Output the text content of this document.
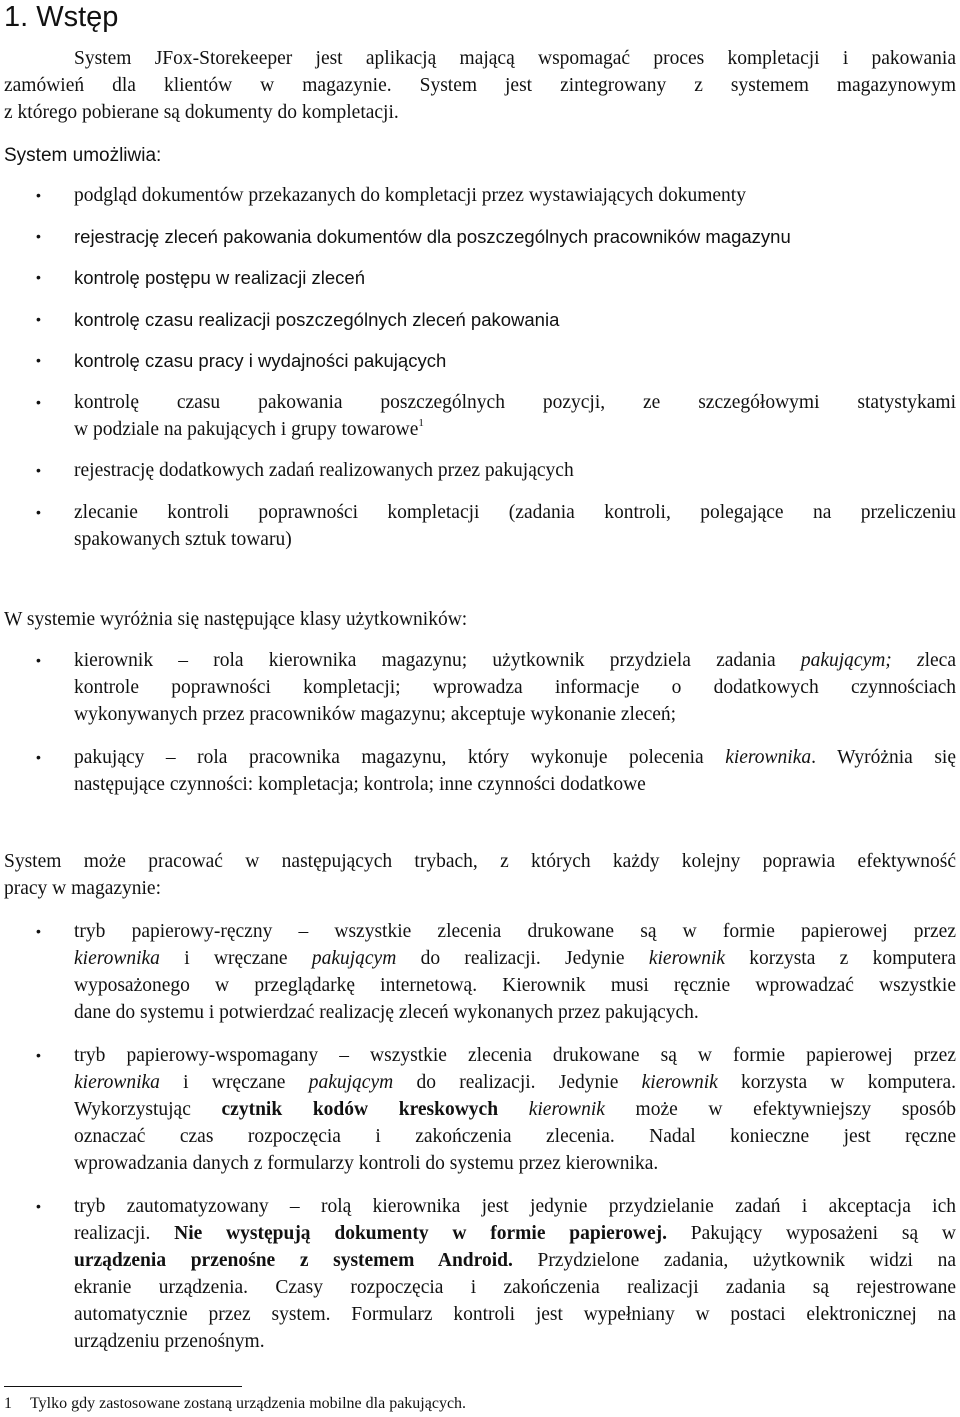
1. Wstęp
System JFox-Storekeeper jest aplikacją mającą wspomagać proces kompletacji i pakowania
zamówień dla klientów w magazynie. System jest zintegrowany z systemem magazynowym
z którego pobierane są dokumenty do kompletacji.
System umożliwia:
• podgląd dokumentów przekazanych do kompletacji przez wystawiających dokumenty
• rejestrację zleceń pakowania dokumentów dla poszczególnych pracowników magazynu
• kontrolę postępu w realizacji zleceń
• kontrolę czasu realizacji poszczególnych zleceń pakowania
• kontrolę czasu pracy i wydajności pakujących
• kontrolę czasu pakowania poszczególnych pozycji, ze szczegółowymi statystykami
w podziale na pakujących i grupy towarowe$^1$
• rejestrację dodatkowych zadań realizowanych przez pakujących
• zlecanie kontroli poprawności kompletacji (zadania kontroli, polegające na przeliczeniu
spakowanych sztuk towaru)
W systemie wyróżnia się następujące klasy użytkowników:
• kierownik – rola kierownika magazynu; użytkownik przydziela zadania pakującym; zleca
kontrole poprawności kompletacji; wprowadza informacje o dodatkowych czynnościach
wykonywanych przez pracowników magazynu; akceptuje wykonanie zleceń;
• pakujący – rola pracownika magazynu, który wykonuje polecenia kierownika. Wyróżnia się
następujące czynności: kompletacja; kontrola; inne czynności dodatkowe
System może pracować w następujących trybach, z których każdy kolejny poprawia efektywność
pracy w magazynie:
• tryb papierowy-ręczny – wszystkie zlecenia drukowane są w formie papierowej przez
kierownika i wręczane pakującym do realizacji. Jedynie kierownik korzysta z komputera
wyposażonego w przeglądarkę internetową. Kierownik musi ręcznie wprowadzać wszystkie
dane do systemu i potwierdzać realizację zleceń wykonanych przez pakujących.
• tryb papierowy-wspomagany – wszystkie zlecenia drukowane są w formie papierowej przez
kierownika i wręczane pakującym do realizacji. Jedynie kierownik korzysta w komputera.
Wykorzystując czytnik kodów kreskowych kierownik może w efektywniejszy sposób
oznaczać czas rozpoczęcia i zakończenia zlecenia. Nadal konieczne jest ręczne
wprowadzania danych z formularzy kontroli do systemu przez kierownika.
• tryb zautomatyzowany – rolą kierownika jest jedynie przydzielanie zadań i akceptacja ich
realizacji. Nie występują dokumenty w formie papierowej. Pakujący wyposażeni są w
urządzenia przenośne z systemem Android. Przydzielone zadania, użytkownik widzi na
ekranie urządzenia. Czasy rozpoczęcia i zakończenia realizacji zadania są rejestrowane
automatycznie przez system. Formularz kontroli jest wypełniany w postaci elektronicznej na
urządzeniu przenośnym.
1 Tylko gdy zastosowane zostaną urządzenia mobilne dla pakujących.
